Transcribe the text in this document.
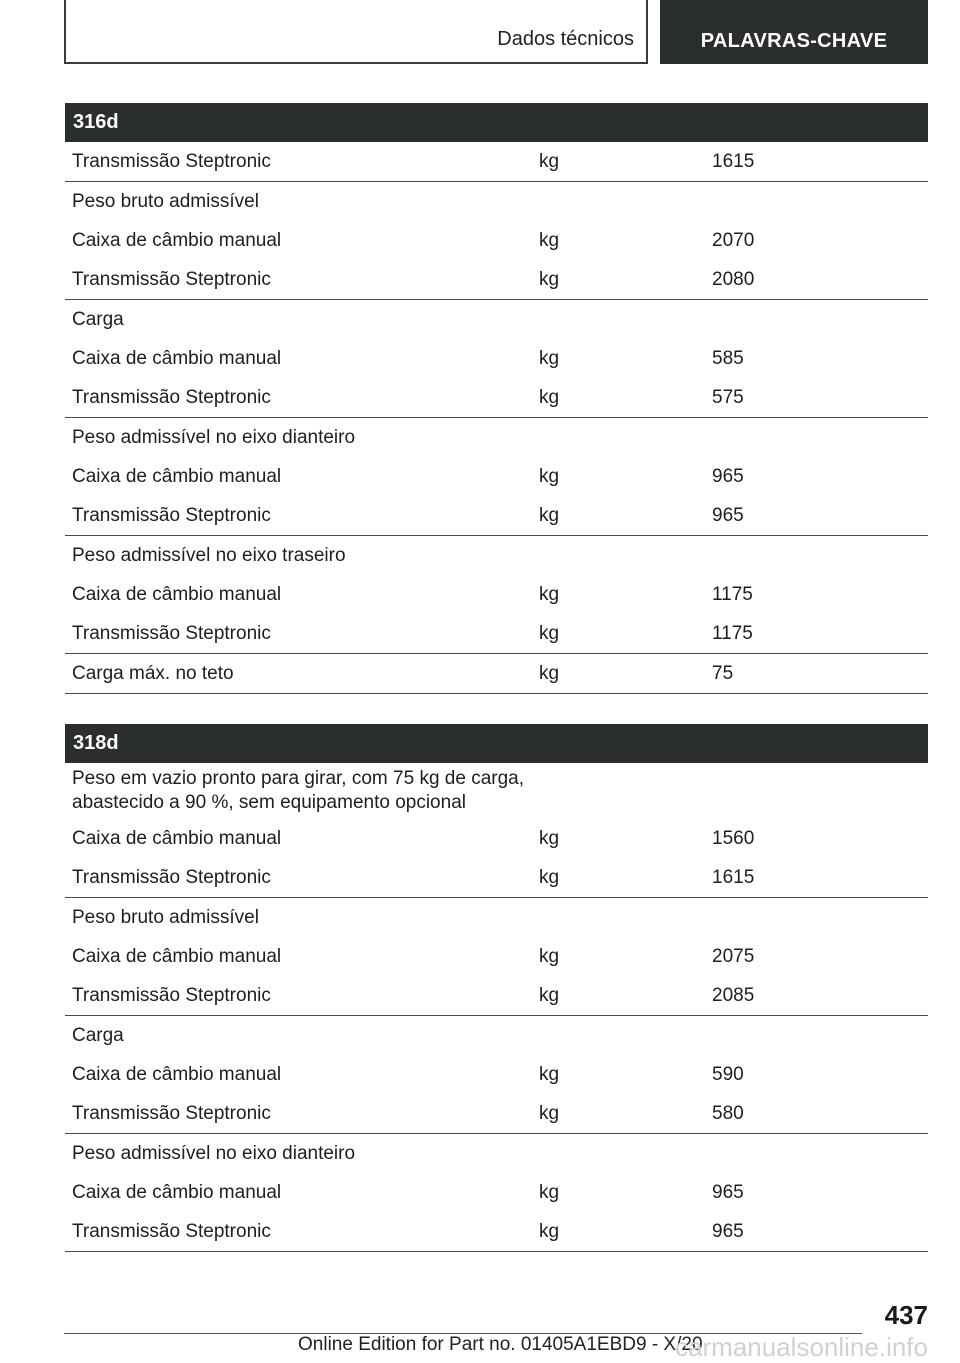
Dados técnicos	PALAVRAS-CHAVE
316d
Transmissão Steptronic	kg	1615
Peso bruto admissível
Caixa de câmbio manual	kg	2070
Transmissão Steptronic	kg	2080
Carga
Caixa de câmbio manual	kg	585
Transmissão Steptronic	kg	575
Peso admissível no eixo dianteiro
Caixa de câmbio manual	kg	965
Transmissão Steptronic	kg	965
Peso admissível no eixo traseiro
Caixa de câmbio manual	kg	1175
Transmissão Steptronic	kg	1175
Carga máx. no teto	kg	75
318d
Peso em vazio pronto para girar, com 75 kg de carga, abastecido a 90 %, sem equipamento opcional
Caixa de câmbio manual	kg	1560
Transmissão Steptronic	kg	1615
Peso bruto admissível
Caixa de câmbio manual	kg	2075
Transmissão Steptronic	kg	2085
Carga
Caixa de câmbio manual	kg	590
Transmissão Steptronic	kg	580
Peso admissível no eixo dianteiro
Caixa de câmbio manual	kg	965
Transmissão Steptronic	kg	965
437
Online Edition for Part no. 01405A1EBD9 - X/20
carmanualsonline.info
